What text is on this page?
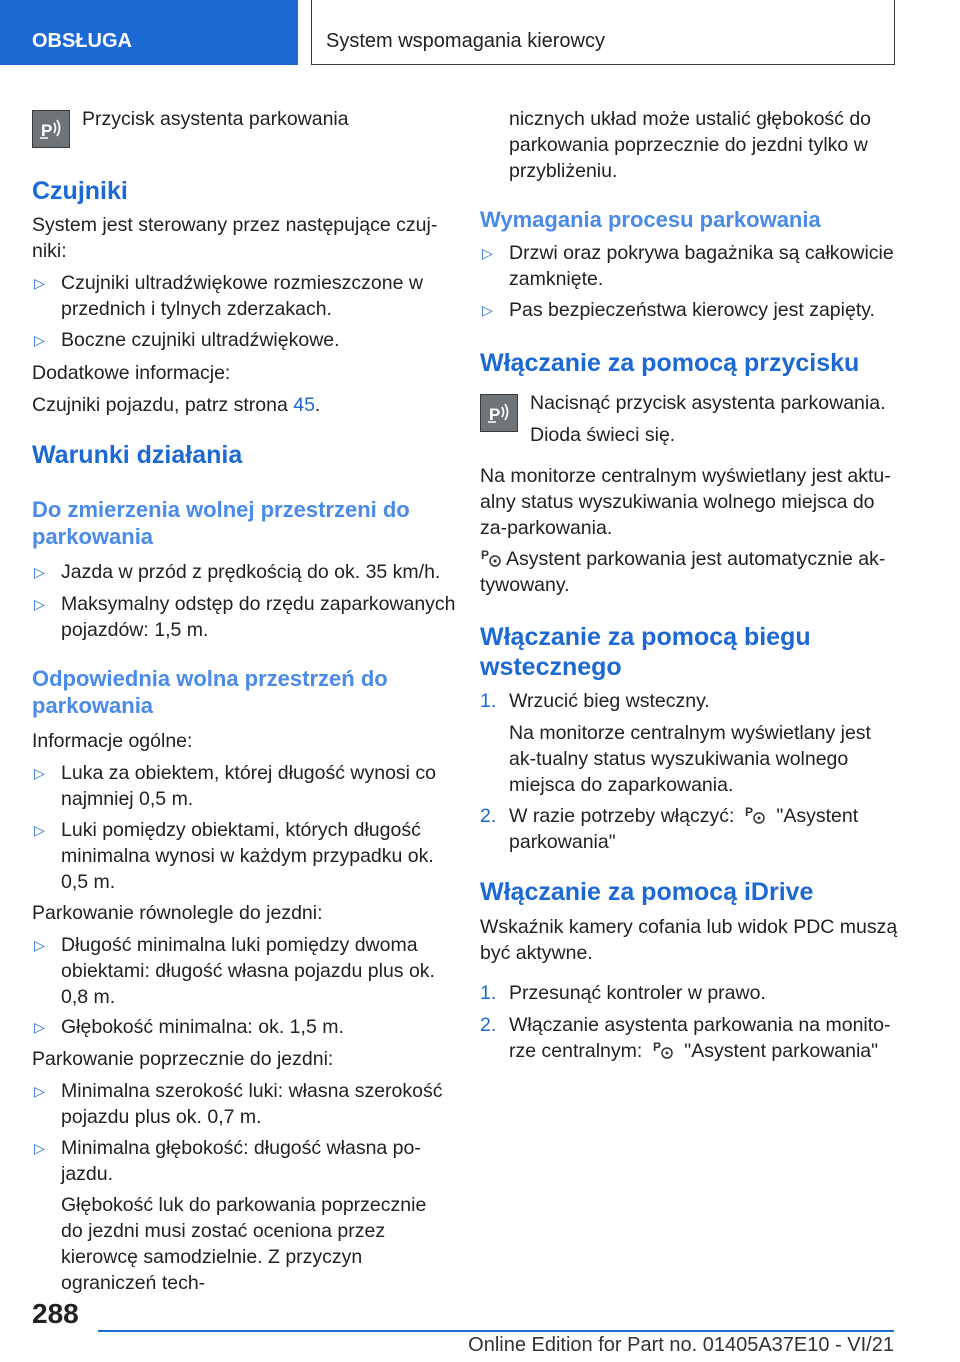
OBSŁUGA	System wspomagania kierowcy
P

Przycisk asystenta parkowania

Czujniki

System jest sterowany przez następujące czuj-niki:

▷ Czujniki ultradźwiękowe rozmieszczone w przednich i tylnych zderzakach.
▷ Boczne czujniki ultradźwiękowe.

Dodatkowe informacje:

Czujniki pojazdu, patrz strona 45.

Warunki działania
Do zmierzenia wolnej przestrzeni do parkowania
▷ Jazda w przód z prędkością do ok. 35 km/h.
▷ Maksymalny odstęp do rzędu zaparkowanych pojazdów: 1,5 m.
Odpowiednia wolna przestrzeń do parkowania

Informacje ogólne:

▷ Luka za obiektem, której długość wynosi co najmniej 0,5 m.
▷ Luki pomiędzy obiektami, których długość minimalna wynosi w każdym przypadku ok. 0,5 m.

Parkowanie równolegle do jezdni:

▷ Długość minimalna luki pomiędzy dwoma obiektami: długość własna pojazdu plus ok. 0,8 m.
▷ Głębokość minimalna: ok. 1,5 m.

Parkowanie poprzecznie do jezdni:

▷ Minimalna szerokość luki: własna szerokość pojazdu plus ok. 0,7 m.
▷ Minimalna głębokość: długość własna po-jazdu.

Głębokość luk do parkowania poprzecznie do jezdni musi zostać oceniona przez kierowcę samodzielnie. Z przyczyn ograniczeń tech-

nicznych układ może ustalić głębokość do parkowania poprzecznie do jezdni tylko w przybliżeniu.

Wymagania procesu parkowania
▷ Drzwi oraz pokrywa bagażnika są całkowicie zamknięte.
▷ Pas bezpieczeństwa kierowcy jest zapięty.
Włączanie za pomocą przycisku
P

Nacisnąć przycisk asystenta parkowania.

Dioda świeci się.

Na monitorze centralnym wyświetlany jest aktu-alny status wyszukiwania wolnego miejsca do za-parkowania.

P Asystent parkowania jest automatycznie ak-tywowany.

Włączanie za pomocą biegu wstecznego
1. Wrzucić bieg wsteczny.

Na monitorze centralnym wyświetlany jest ak-tualny status wyszukiwania wolnego miejsca do zaparkowania.

2. W razie potrzeby włączyć: P "Asystent parkowania"
Włączanie za pomocą iDrive

Wskaźnik kamery cofania lub widok PDC muszą być aktywne.

1. Przesunąć kontroler w prawo.
2. Włączanie asystenta parkowania na monito-rze centralnym: P "Asystent parkowania"
288
Online Edition for Part no. 01405A37E10 - VI/21
